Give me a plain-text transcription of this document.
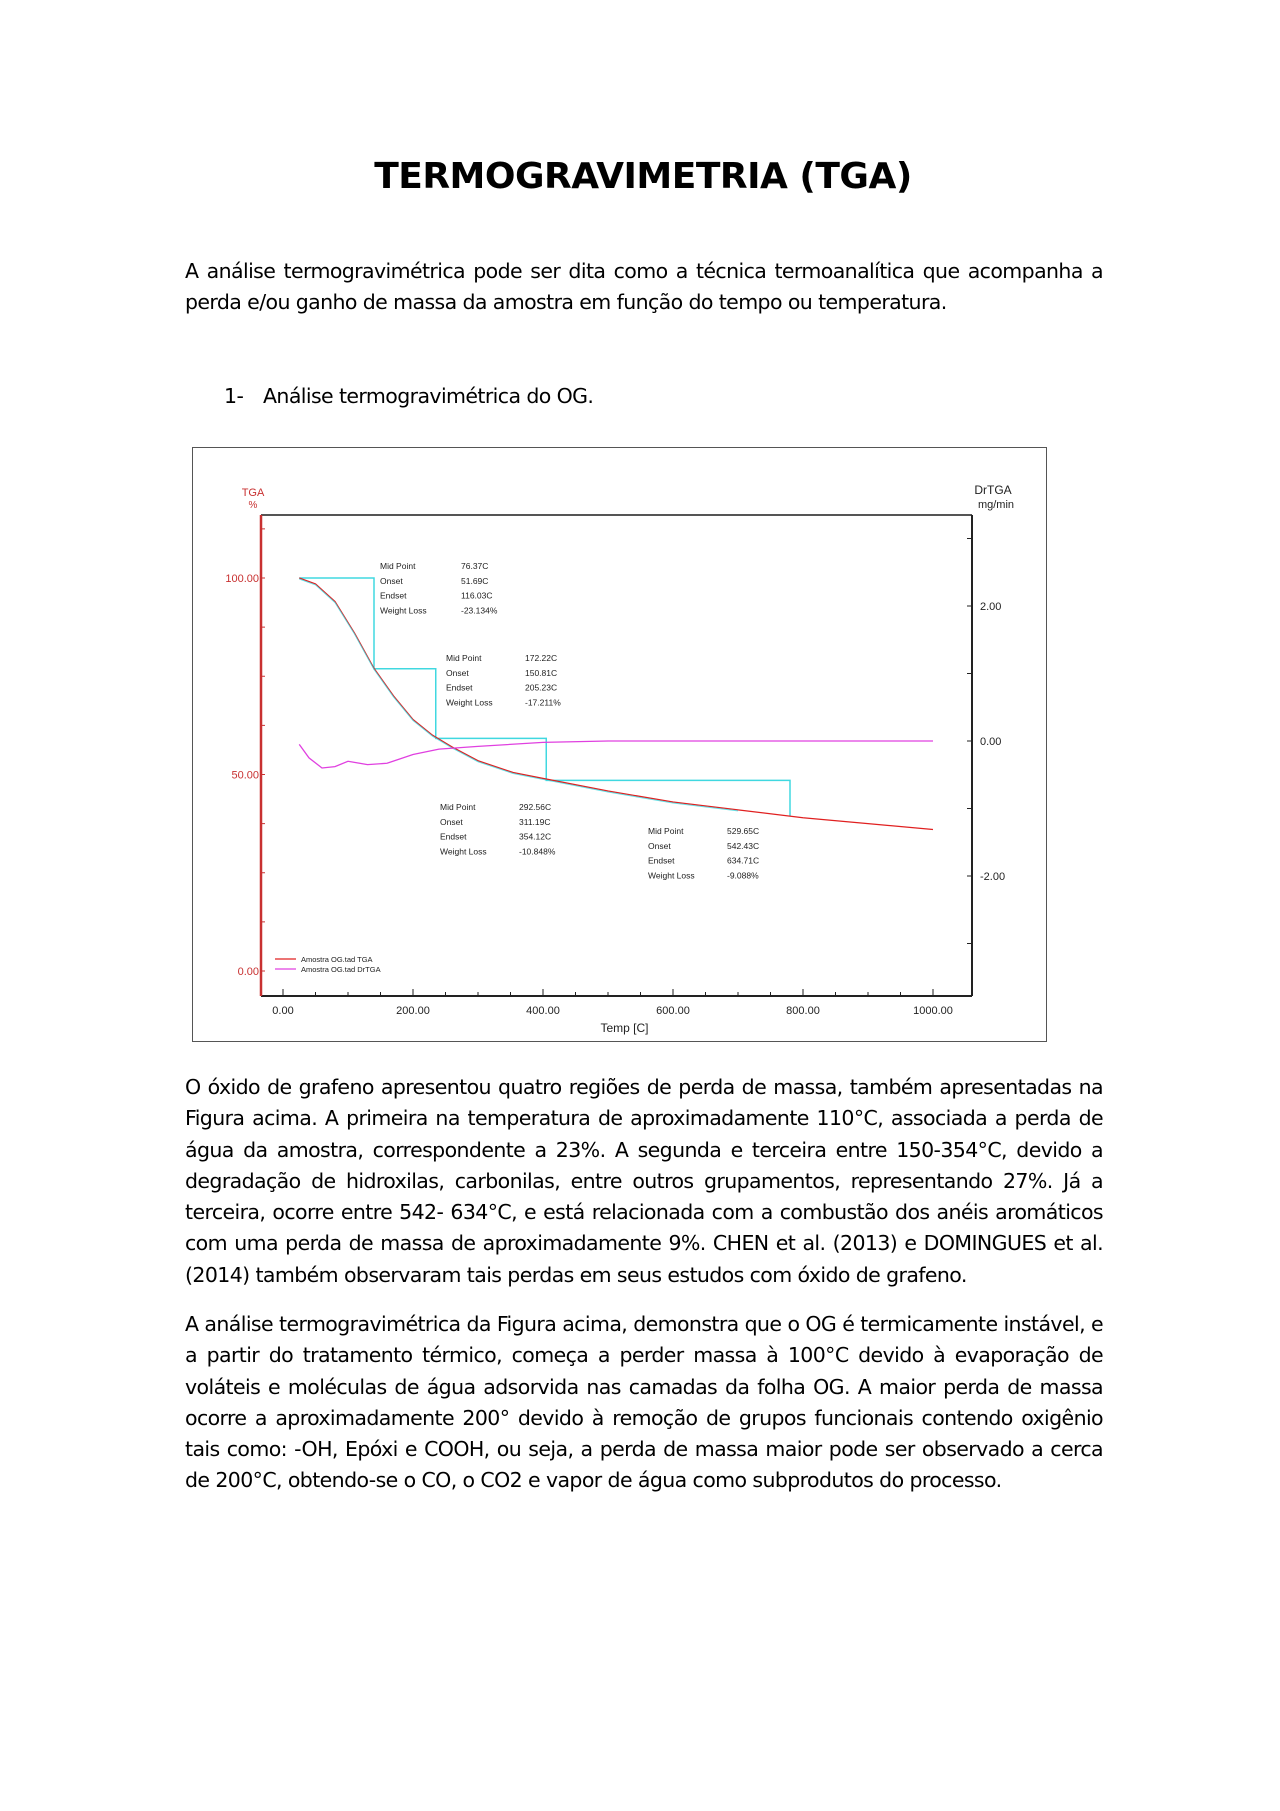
TERMOGRAVIMETRIA (TGA)
A análise termogravimétrica pode ser dita como a técnica termoanalítica que acompanha a perda e/ou ganho de massa da amostra em função do tempo ou temperatura.
1- Análise termogravimétrica do OG.
0.00	200.00	400.00	600.00	800.00	1000.00
100.00
50.00
0.00
2.00
0.00
-2.00
Temp [C]
TGA
%
DrTGA
mg/min
Mid Point	76.37C
Onset	51.69C
Endset	116.03C
Weight Loss	-23.134%
Mid Point	172.22C
Onset	150.81C
Endset	205.23C
Weight Loss	-17.211%
Mid Point	292.56C
Onset	311.19C
Endset	354.12C
Weight Loss	-10.848%
Mid Point	529.65C
Onset	542.43C
Endset	634.71C
Weight Loss	-9.088%
Amostra OG.tad TGA
Amostra OG.tad DrTGA
O óxido de grafeno apresentou quatro regiões de perda de massa, também apresentadas na Figura acima. A primeira na temperatura de aproximadamente 110°C, associada a perda de água da amostra, correspondente a 23%. A segunda e terceira entre 150-354°C, devido a degradação de hidroxilas, carbonilas, entre outros grupamentos, representando 27%. Já a terceira, ocorre entre 542- 634°C, e está relacionada com a combustão dos anéis aromáticos com uma perda de massa de aproximadamente 9%. CHEN et al. (2013) e DOMINGUES et al. (2014) também observaram tais perdas em seus estudos com óxido de grafeno.
A análise termogravimétrica da Figura acima, demonstra que o OG é termicamente instável, e a partir do tratamento térmico, começa a perder massa à 100°C devido à evaporação de voláteis e moléculas de água adsorvida nas camadas da folha OG. A maior perda de massa ocorre a aproximadamente 200° devido à remoção de grupos funcionais contendo oxigênio tais como: -OH, Epóxi e COOH, ou seja, a perda de massa maior pode ser observado a cerca de 200°C, obtendo-se o CO, o CO2 e vapor de água como subprodutos do processo.
